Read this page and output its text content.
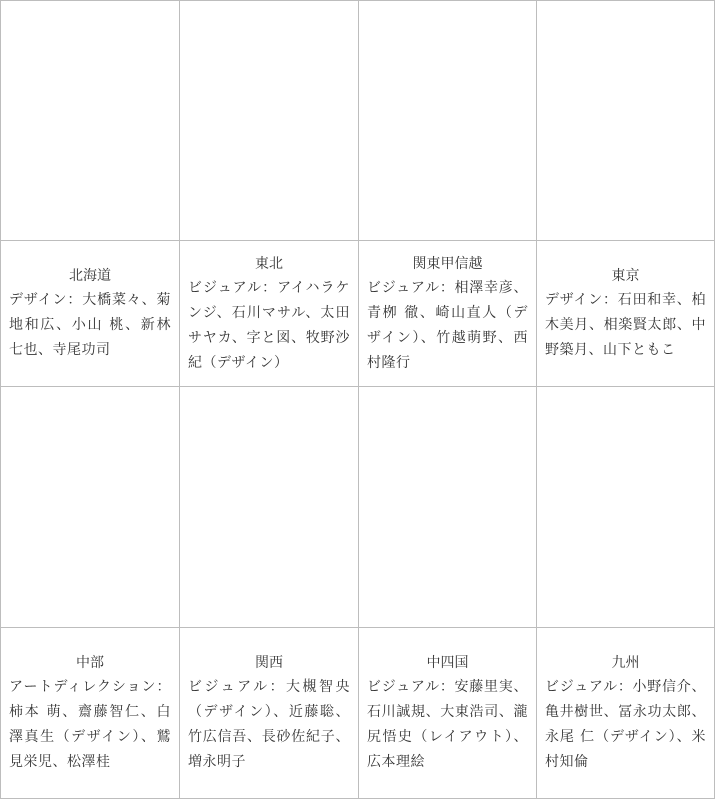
北海道
デザイン：大橋菜々、菊地和広、小山 桃、新林七也、寺尾功司
東北
ビジュアル：アイハラケンジ、石川マサル、太田サヤカ、字と図、牧野沙紀（デザイン）
関東甲信越
ビジュアル：相澤幸彦、青栁 徹、崎山直人（デザイン）、竹越萌野、西村隆行
東京
デザイン：石田和幸、柏木美月、相楽賢太郎、中野築月、山下ともこ
中部
アートディレクション：柿本 萌、齋藤智仁、白澤真生（デザイン）、鷲見栄児、松澤桂
関西
ビジュアル：大槻智央（デザイン）、近藤聡、竹広信吾、長砂佐紀子、増永明子
中四国
ビジュアル：安藤里実、石川誠規、大東浩司、瀧尻悟史（レイアウト）、広本理絵
九州
ビジュアル：小野信介、亀井樹世、冨永功太郎、永尾 仁（デザイン）、米村知倫
